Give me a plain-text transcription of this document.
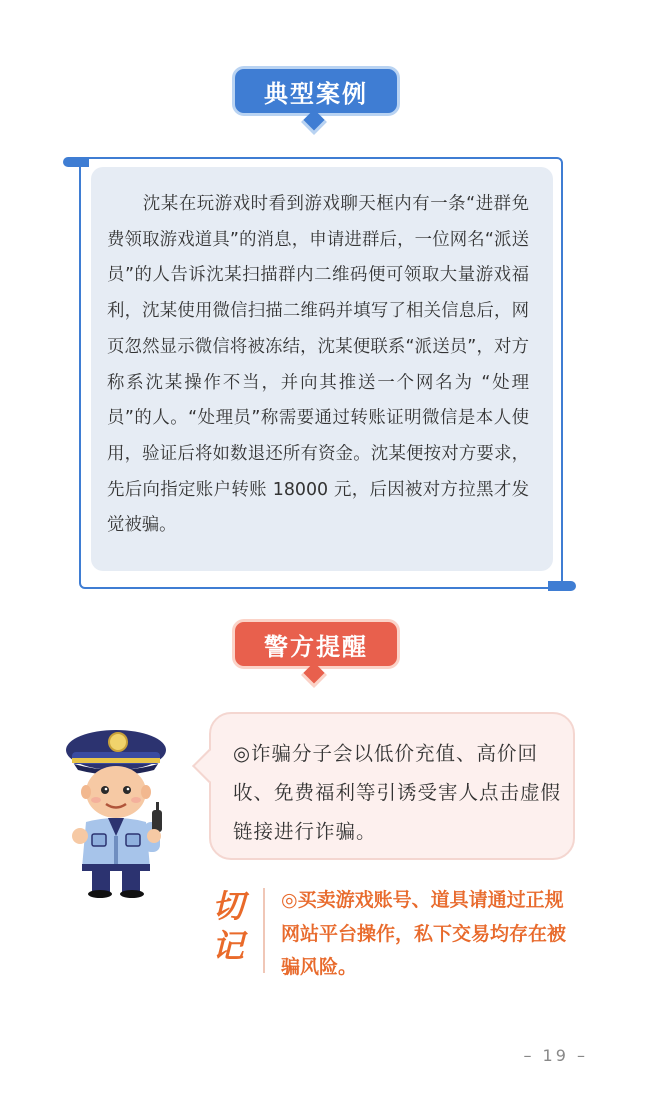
典型案例

　　沈某在玩游戏时看到游戏聊天框内有一条“进群免费领取游戏道具”的消息，申请进群后，一位网名“派送员”的人告诉沈某扫描群内二维码便可领取大量游戏福利，沈某使用微信扫描二维码并填写了相关信息后，网页忽然显示微信将被冻结，沈某便联系“派送员”，对方称系沈某操作不当，并向其推送一个网名为 “处理员”的人。“处理员”称需要通过转账证明微信是本人使用，验证后将如数退还所有资金。沈某便按对方要求，先后向指定账户转账 18000 元，后因被对方拉黑才发觉被骗。

警方提醒

◎诈骗分子会以低价充值、高价回收、免费福利等引诱受害人点击虚假链接进行诈骗。

切
记

◎买卖游戏账号、道具请通过正规网站平台操作，私下交易均存在被骗风险。

– 19 –
